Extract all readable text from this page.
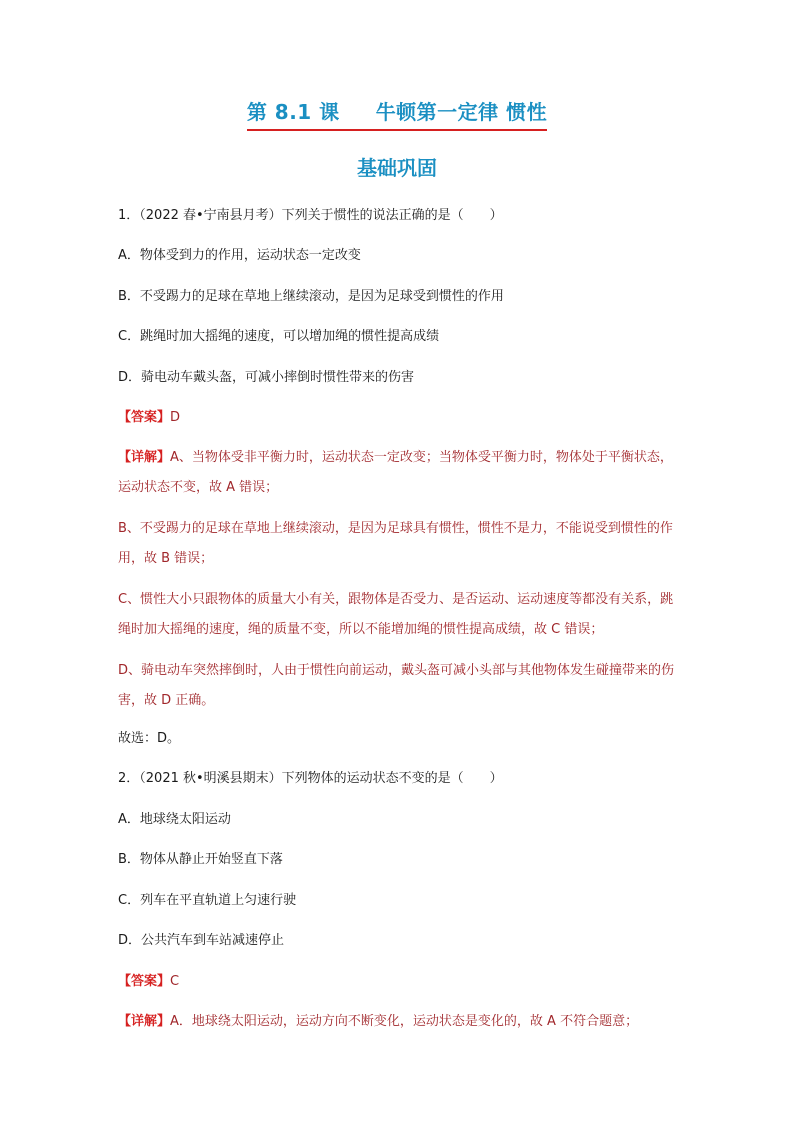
第 8.1 课 牛顿第一定律 惯性
基础巩固
1．（2022 春•宁南县月考）下列关于惯性的说法正确的是（　　）
A．物体受到力的作用，运动状态一定改变
B．不受踢力的足球在草地上继续滚动，是因为足球受到惯性的作用
C．跳绳时加大摇绳的速度，可以增加绳的惯性提高成绩
D．骑电动车戴头盔，可减小摔倒时惯性带来的伤害
【答案】D
【详解】A、当物体受非平衡力时，运动状态一定改变；当物体受平衡力时，物体处于平衡状态，运动状态不变，故 A 错误；
B、不受踢力的足球在草地上继续滚动，是因为足球具有惯性，惯性不是力，不能说受到惯性的作用，故 B 错误；
C、惯性大小只跟物体的质量大小有关，跟物体是否受力、是否运动、运动速度等都没有关系，跳绳时加大摇绳的速度，绳的质量不变，所以不能增加绳的惯性提高成绩，故 C 错误；
D、骑电动车突然摔倒时，人由于惯性向前运动，戴头盔可减小头部与其他物体发生碰撞带来的伤害，故 D 正确。
故选：D。
2．（2021 秋•明溪县期末）下列物体的运动状态不变的是（　　）
A．地球绕太阳运动
B．物体从静止开始竖直下落
C．列车在平直轨道上匀速行驶
D．公共汽车到车站减速停止
【答案】C
【详解】A．地球绕太阳运动，运动方向不断变化，运动状态是变化的，故 A 不符合题意；
